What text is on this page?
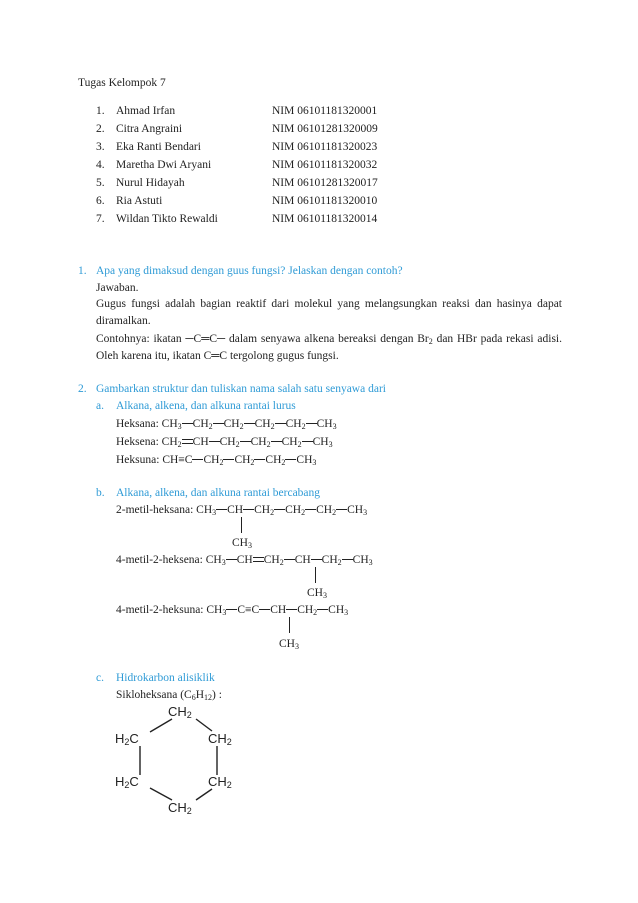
Tugas Kelompok 7
1. Ahmad Irfan	NIM 06101181320001
2. Citra Angraini	NIM 06101281320009
3. Eka Ranti Bendari	NIM 06101181320023
4. Maretha Dwi Aryani	NIM 06101181320032
5. Nurul Hidayah	NIM 06101281320017
6. Ria Astuti	NIM 06101181320010
7. Wildan Tikto Rewaldi	NIM 06101181320014
1. Apa yang dimaksud dengan guus fungsi? Jelaskan dengan contoh?
Jawaban.
Gugus fungsi adalah bagian reaktif dari molekul yang melangsungkan reaksi dan hasinya dapat diramalkan.
Contohnya: ikatan ─C═C─ dalam senyawa alkena bereaksi dengan $Br_2$ dan HBr pada rekasi adisi. Oleh karena itu, ikatan C═C tergolong gugus fungsi.
2. Gambarkan struktur dan tuliskan nama salah satu senyawa dari
a. Alkana, alkena, dan alkuna rantai lurus
Heksana: $CH_3$ $CH_2$ $CH_2$ $CH_2$ $CH_2$ $CH_3$
Heksena: $CH_2$ CH $CH_2$ $CH_2$ $CH_2$ $CH_3$
Heksuna: CH≡C $CH_2$ $CH_2$ $CH_2$ $CH_3$
b. Alkana, alkena, dan alkuna rantai bercabang
2-metil-heksana: $CH_3$ CH $CH_2$ $CH_2$ $CH_2$ $CH_3$
$CH_3$
4-metil-2-heksena: $CH_3$ CH $CH_2$ CH $CH_2$ $CH_3$
$CH_3$
4-metil-2-heksuna: $CH_3$ C≡C CH $CH_2$ $CH_3$
$CH_3$
c. Hidrokarbon alisiklik
Sikloheksana $(C_6H_{12})$ :
$CH_2$
$H_2C$	$CH_2$
$H_2C$	$CH_2$
$CH_2$
